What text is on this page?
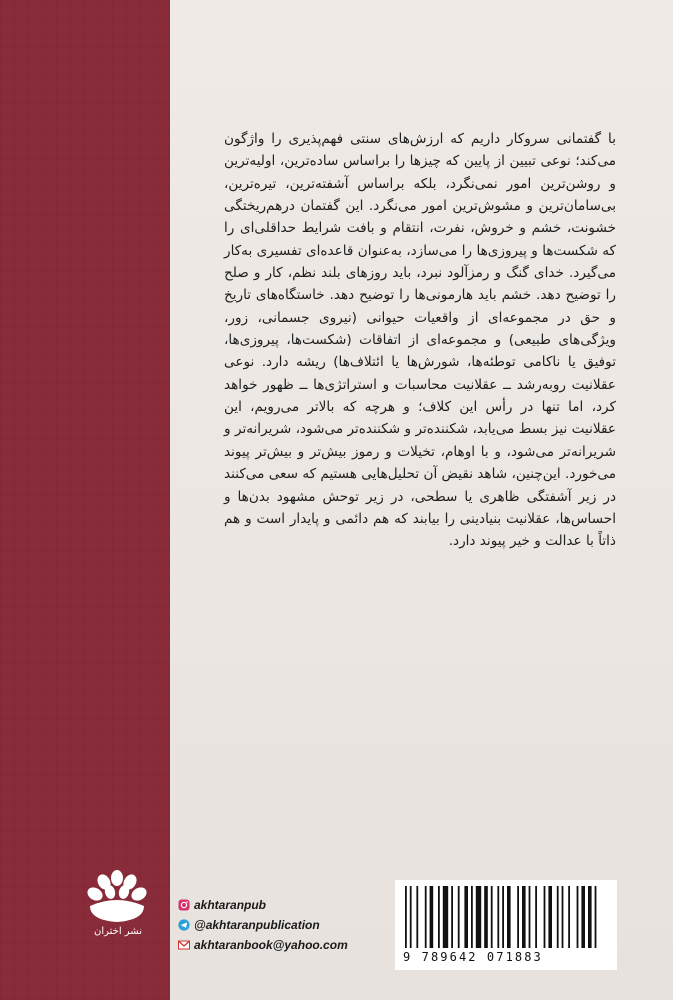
با گفتمانی سروکار داریم که ارزش‌های سنتی فهم‌پذیری را واژگون می‌کند؛ نوعی تبیین از پایین که چیزها را براساس ساده‌ترین، اولیه‌ترین و روشن‌ترین امور نمی‌نگرد، بلکه براساس آشفته‌ترین، تیره‌ترین، بی‌سامان‌ترین و مشوش‌ترین امور می‌نگرد. این گفتمان درهم‌ریختگی خشونت، خشم و خروش، نفرت، انتقام و بافت شرایط حداقلی‌ای را که شکست‌ها و پیروزی‌ها را می‌سازد، به‌عنوان قاعده‌ای تفسیری به‌کار می‌گیرد. خدای گنگ و رمزآلود نبرد، باید روزهای بلند نظم، کار و صلح را توضیح دهد. خشم باید هارمونی‌ها را توضیح دهد. خاستگاه‌های تاریخ و حق در مجموعه‌ای از واقعیات حیوانی (نیروی جسمانی، زور، ویژگی‌های طبیعی) و مجموعه‌ای از اتفاقات (شکست‌ها، پیروزی‌ها، توفیق یا ناکامی توطئه‌ها، شورش‌ها یا ائتلاف‌ها) ریشه دارد. نوعی عقلانیت روبه‌رشد ــ عقلانیت محاسبات و استراتژی‌ها ــ ظهور خواهد کرد، اما تنها در رأس این کلاف؛ و هرچه که بالاتر می‌رویم، این عقلانیت نیز بسط می‌یابد، شکننده‌تر و شکننده‌تر می‌شود، شریرانه‌تر و شریرانه‌تر می‌شود، و با اوهام، تخیلات و رموز بیش‌تر و بیش‌تر پیوند می‌خورد. این‌چنین، شاهد نقیض آن تحلیل‌هایی هستیم که سعی می‌کنند در زیر آشفتگی ظاهری یا سطحی، در زیر توحش مشهود بدن‌ها و احساس‌ها، عقلانیت بنیادینی را بیابند که هم دائمی و پایدار است و هم ذاتاً با عدالت و خیر پیوند دارد.

نشر اختران
akhtaranpub
@akhtaranpublication
akhtaranbook@yahoo.com
9 789642 071883
